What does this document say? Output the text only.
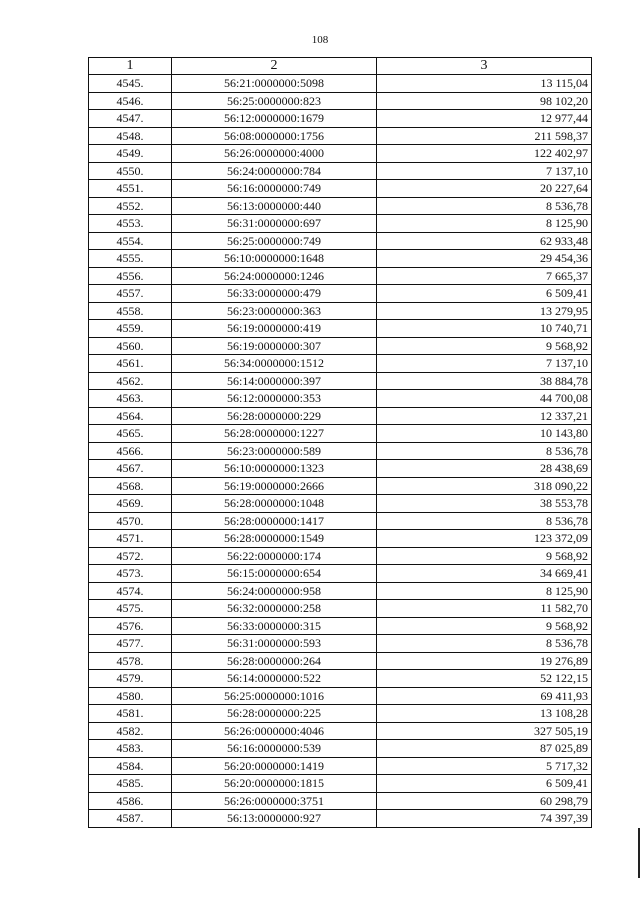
108
1	2	3
4545.	56:21:0000000:5098	13 115,04
4546.	56:25:0000000:823	98 102,20
4547.	56:12:0000000:1679	12 977,44
4548.	56:08:0000000:1756	211 598,37
4549.	56:26:0000000:4000	122 402,97
4550.	56:24:0000000:784	7 137,10
4551.	56:16:0000000:749	20 227,64
4552.	56:13:0000000:440	8 536,78
4553.	56:31:0000000:697	8 125,90
4554.	56:25:0000000:749	62 933,48
4555.	56:10:0000000:1648	29 454,36
4556.	56:24:0000000:1246	7 665,37
4557.	56:33:0000000:479	6 509,41
4558.	56:23:0000000:363	13 279,95
4559.	56:19:0000000:419	10 740,71
4560.	56:19:0000000:307	9 568,92
4561.	56:34:0000000:1512	7 137,10
4562.	56:14:0000000:397	38 884,78
4563.	56:12:0000000:353	44 700,08
4564.	56:28:0000000:229	12 337,21
4565.	56:28:0000000:1227	10 143,80
4566.	56:23:0000000:589	8 536,78
4567.	56:10:0000000:1323	28 438,69
4568.	56:19:0000000:2666	318 090,22
4569.	56:28:0000000:1048	38 553,78
4570.	56:28:0000000:1417	8 536,78
4571.	56:28:0000000:1549	123 372,09
4572.	56:22:0000000:174	9 568,92
4573.	56:15:0000000:654	34 669,41
4574.	56:24:0000000:958	8 125,90
4575.	56:32:0000000:258	11 582,70
4576.	56:33:0000000:315	9 568,92
4577.	56:31:0000000:593	8 536,78
4578.	56:28:0000000:264	19 276,89
4579.	56:14:0000000:522	52 122,15
4580.	56:25:0000000:1016	69 411,93
4581.	56:28:0000000:225	13 108,28
4582.	56:26:0000000:4046	327 505,19
4583.	56:16:0000000:539	87 025,89
4584.	56:20:0000000:1419	5 717,32
4585.	56:20:0000000:1815	6 509,41
4586.	56:26:0000000:3751	60 298,79
4587.	56:13:0000000:927	74 397,39
